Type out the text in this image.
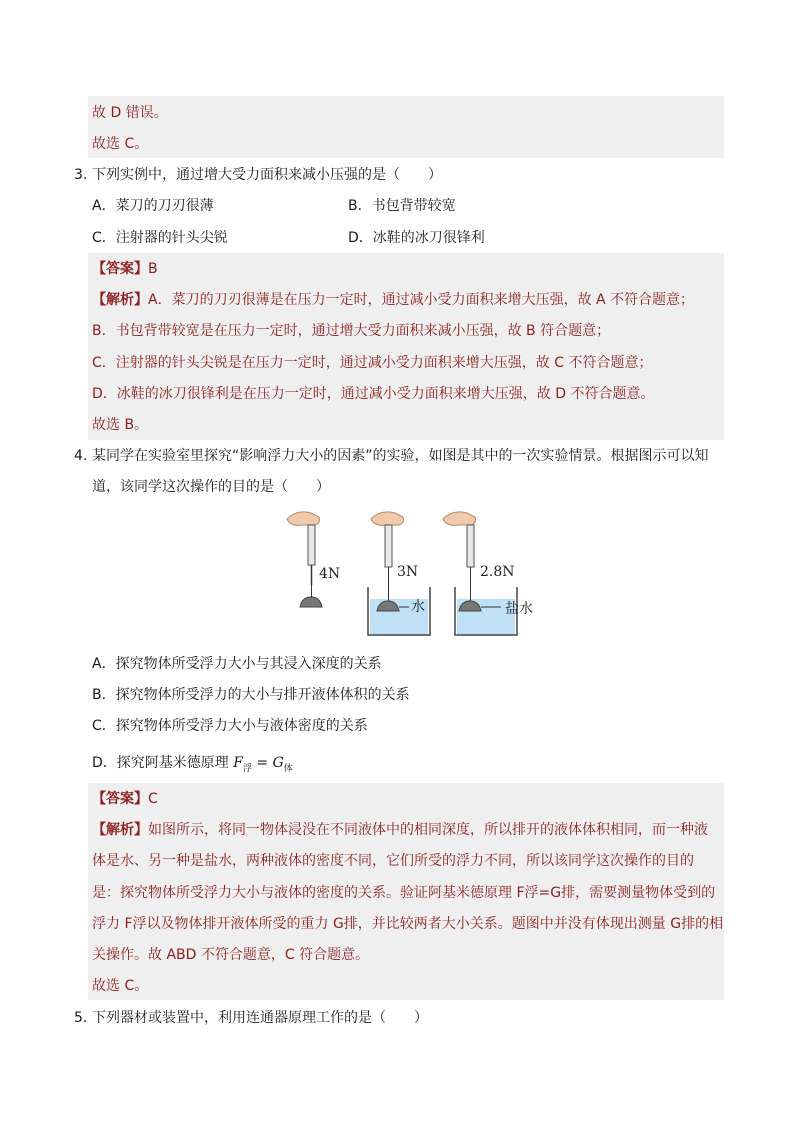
故 D 错误。
故选 C。
3. 下列实例中，通过增大受力面积来减小压强的是（　　）
A．菜刀的刀刃很薄	B．书包背带较宽
C．注射器的针头尖锐	D．冰鞋的冰刀很锋利
【答案】B
【解析】A．菜刀的刀刃很薄是在压力一定时，通过减小受力面积来增大压强，故 A 不符合题意；
B．书包背带较宽是在压力一定时，通过增大受力面积来减小压强，故 B 符合题意；
C．注射器的针头尖锐是在压力一定时，通过减小受力面积来增大压强，故 C 不符合题意；
D．冰鞋的冰刀很锋利是在压力一定时，通过减小受力面积来增大压强，故 D 不符合题意。
故选 B。
4. 某同学在实验室里探究“影响浮力大小的因素”的实验，如图是其中的一次实验情景。根据图示可以知
道，该同学这次操作的目的是（　　）
4N	3N
水
2.8N
盐水
A．探究物体所受浮力大小与其浸入深度的关系
B．探究物体所受浮力的大小与排开液体体积的关系
C．探究物体所受浮力大小与液体密度的关系
D．探究阿基米德原理 $F_浮 = G_体$
【答案】C
【解析】如图所示，将同一物体浸没在不同液体中的相同深度，所以排开的液体体积相同，而一种液
体是水、另一种是盐水，两种液体的密度不同，它们所受的浮力不同，所以该同学这次操作的目的
是：探究物体所受浮力大小与液体的密度的关系。验证阿基米德原理 F浮=G排，需要测量物体受到的
浮力 F浮以及物体排开液体所受的重力 G排，并比较两者大小关系。题图中并没有体现出测量 G排的相
关操作。故 ABD 不符合题意，C 符合题意。
故选 C。
5. 下列器材或装置中，利用连通器原理工作的是（　　）
